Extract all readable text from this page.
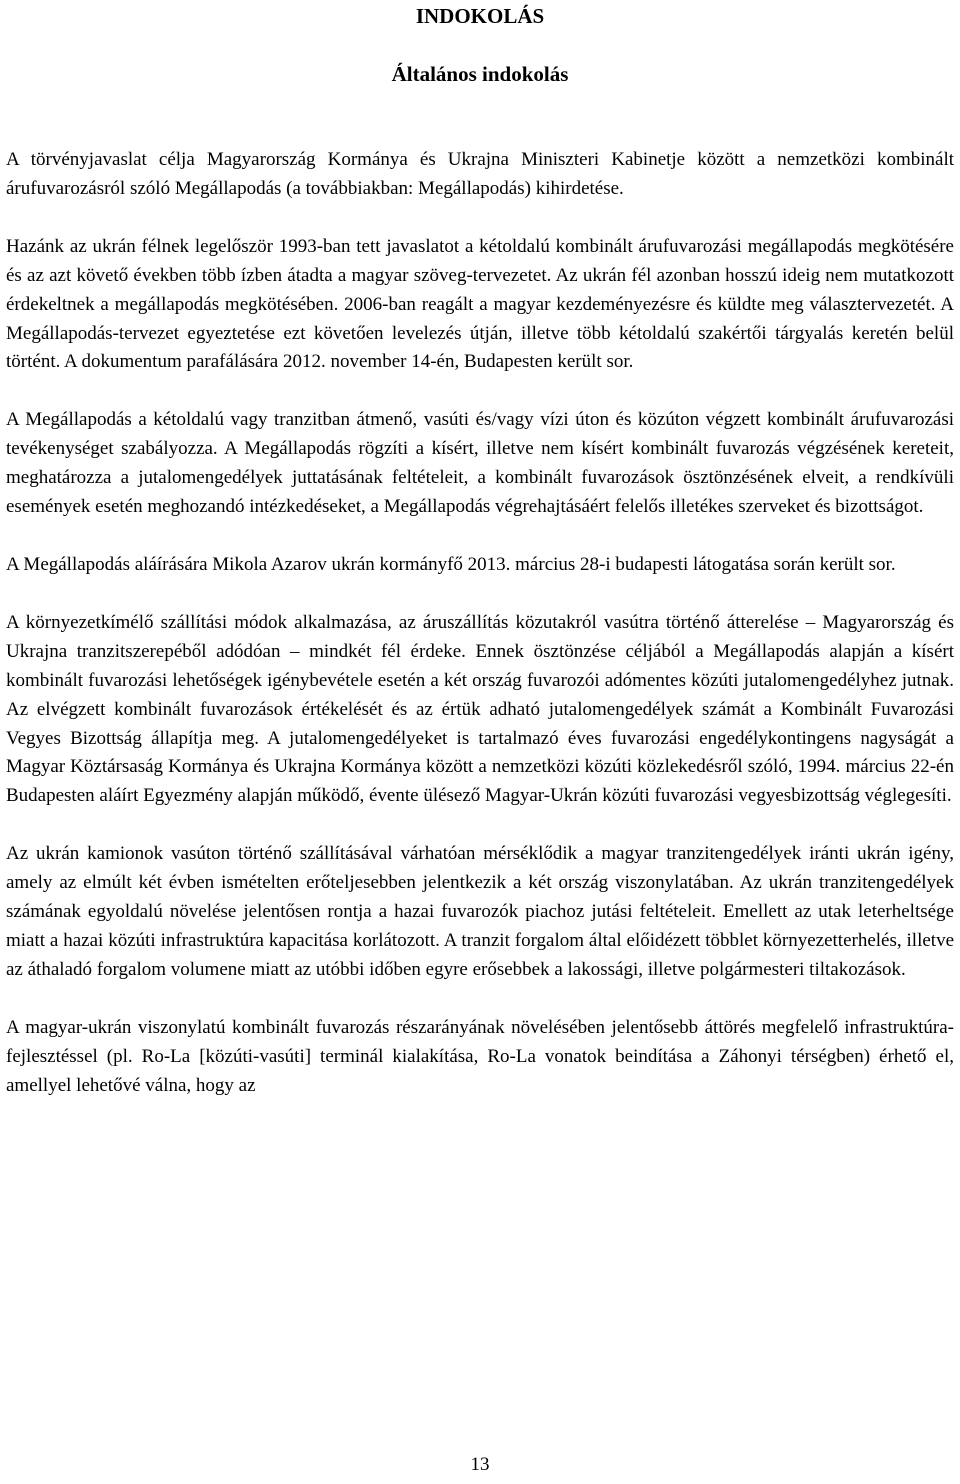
INDOKOLÁS
Általános indokolás

A törvényjavaslat célja Magyarország Kormánya és Ukrajna Miniszteri Kabinetje között a nemzetközi kombinált árufuvarozásról szóló Megállapodás (a továbbiakban: Megállapodás) kihirdetése.

Hazánk az ukrán félnek legelőször 1993-ban tett javaslatot a kétoldalú kombinált árufuvarozási megállapodás megkötésére és az azt követő években több ízben átadta a magyar szöveg-tervezetet. Az ukrán fél azonban hosszú ideig nem mutatkozott érdekeltnek a megállapodás megkötésében. 2006-ban reagált a magyar kezdeményezésre és küldte meg választervezetét. A Megállapodás-tervezet egyeztetése ezt követően levelezés útján, illetve több kétoldalú szakértői tárgyalás keretén belül történt. A dokumentum parafálására 2012. november 14-én, Budapesten került sor.

A Megállapodás a kétoldalú vagy tranzitban átmenő, vasúti és/vagy vízi úton és közúton végzett kombinált árufuvarozási tevékenységet szabályozza. A Megállapodás rögzíti a kísért, illetve nem kísért kombinált fuvarozás végzésének kereteit, meghatározza a jutalomengedélyek juttatásának feltételeit, a kombinált fuvarozások ösztönzésének elveit, a rendkívüli események esetén meghozandó intézkedéseket, a Megállapodás végrehajtásáért felelős illetékes szerveket és bizottságot.

A Megállapodás aláírására Mikola Azarov ukrán kormányfő 2013. március 28-i budapesti látogatása során került sor.

A környezetkímélő szállítási módok alkalmazása, az áruszállítás közutakról vasútra történő átterelése – Magyarország és Ukrajna tranzitszerepéből adódóan – mindkét fél érdeke. Ennek ösztönzése céljából a Megállapodás alapján a kísért kombinált fuvarozási lehetőségek igénybevétele esetén a két ország fuvarozói adómentes közúti jutalomengedélyhez jutnak. Az elvégzett kombinált fuvarozások értékelését és az értük adható jutalomengedélyek számát a Kombinált Fuvarozási Vegyes Bizottság állapítja meg. A jutalomengedélyeket is tartalmazó éves fuvarozási engedélykontingens nagyságát a Magyar Köztársaság Kormánya és Ukrajna Kormánya között a nemzetközi közúti közlekedésről szóló, 1994. március 22-én Budapesten aláírt Egyezmény alapján működő, évente ülésező Magyar-Ukrán közúti fuvarozási vegyesbizottság véglegesíti.

Az ukrán kamionok vasúton történő szállításával várhatóan mérséklődik a magyar tranzitengedélyek iránti ukrán igény, amely az elmúlt két évben ismételten erőteljesebben jelentkezik a két ország viszonylatában. Az ukrán tranzitengedélyek számának egyoldalú növelése jelentősen rontja a hazai fuvarozók piachoz jutási feltételeit. Emellett az utak leterheltsége miatt a hazai közúti infrastruktúra kapacitása korlátozott. A tranzit forgalom által előidézett többlet környezetterhelés, illetve az áthaladó forgalom volumene miatt az utóbbi időben egyre erősebbek a lakossági, illetve polgármesteri tiltakozások.

A magyar-ukrán viszonylatú kombinált fuvarozás részarányának növelésében jelentősebb áttörés megfelelő infrastruktúra-fejlesztéssel (pl. Ro-La [közúti-vasúti] terminál kialakítása, Ro-La vonatok beindítása a Záhonyi térségben) érhető el, amellyel lehetővé válna, hogy az

13
